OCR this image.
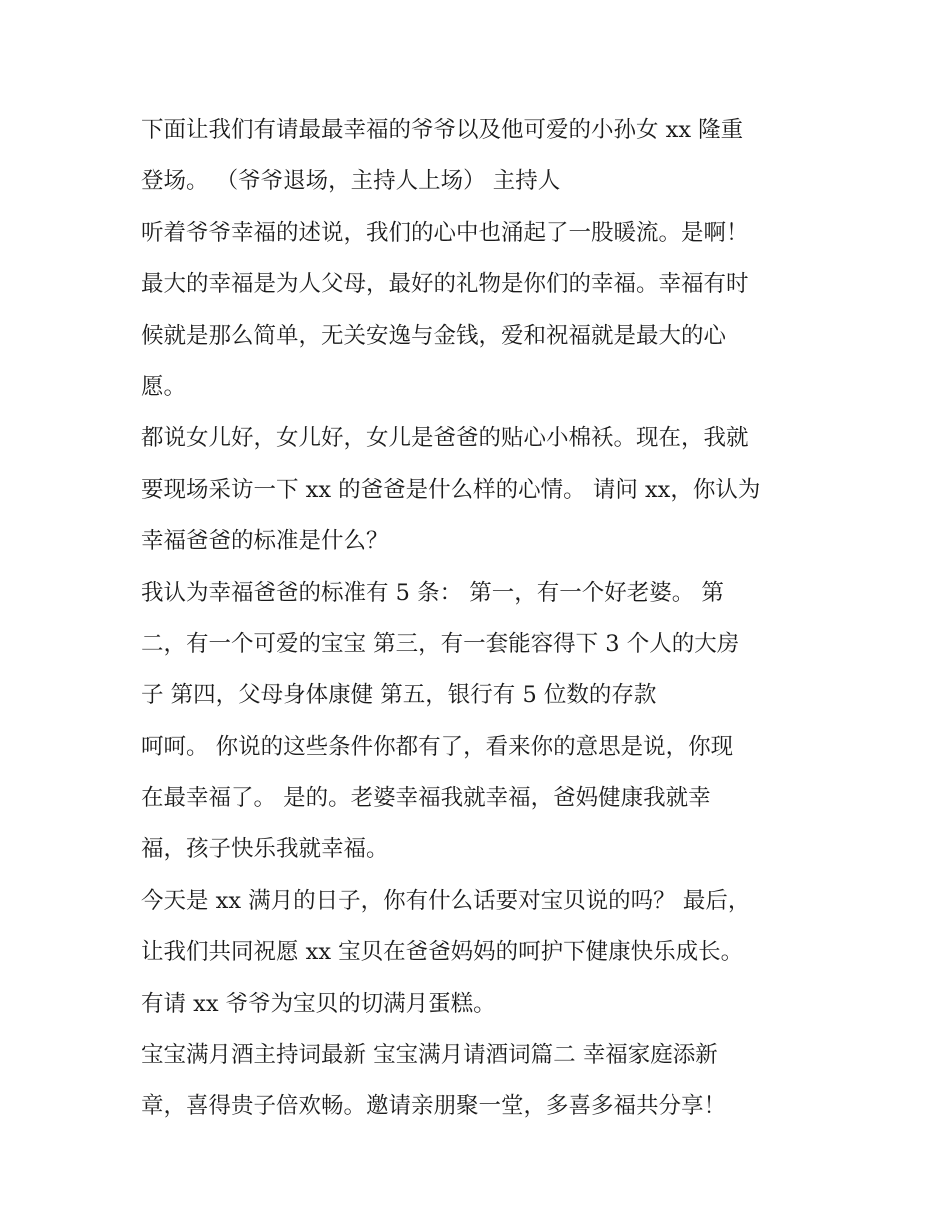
下面让我们有请最最幸福的爷爷以及他可爱的小孙女 xx 隆重
登场。 （爷爷退场，主持人上场） 主持人
听着爷爷幸福的述说，我们的心中也涌起了一股暖流。是啊！
最大的幸福是为人父母，最好的礼物是你们的幸福。幸福有时
候就是那么简单，无关安逸与金钱，爱和祝福就是最大的心
愿。
都说女儿好，女儿好，女儿是爸爸的贴心小棉袄。现在，我就
要现场采访一下 xx 的爸爸是什么样的心情。 请问 xx，你认为
幸福爸爸的标准是什么？
我认为幸福爸爸的标准有 5 条： 第一，有一个好老婆。 第
二，有一个可爱的宝宝 第三，有一套能容得下 3 个人的大房
子 第四，父母身体康健 第五，银行有 5 位数的存款
呵呵。 你说的这些条件你都有了，看来你的意思是说，你现
在最幸福了。 是的。老婆幸福我就幸福，爸妈健康我就幸
福，孩子快乐我就幸福。
今天是 xx 满月的日子，你有什么话要对宝贝说的吗？ 最后，
让我们共同祝愿 xx 宝贝在爸爸妈妈的呵护下健康快乐成长。
有请 xx 爷爷为宝贝的切满月蛋糕。
宝宝满月酒主持词最新 宝宝满月请酒词篇二 幸福家庭添新
章，喜得贵子倍欢畅。邀请亲朋聚一堂，多喜多福共分享！
